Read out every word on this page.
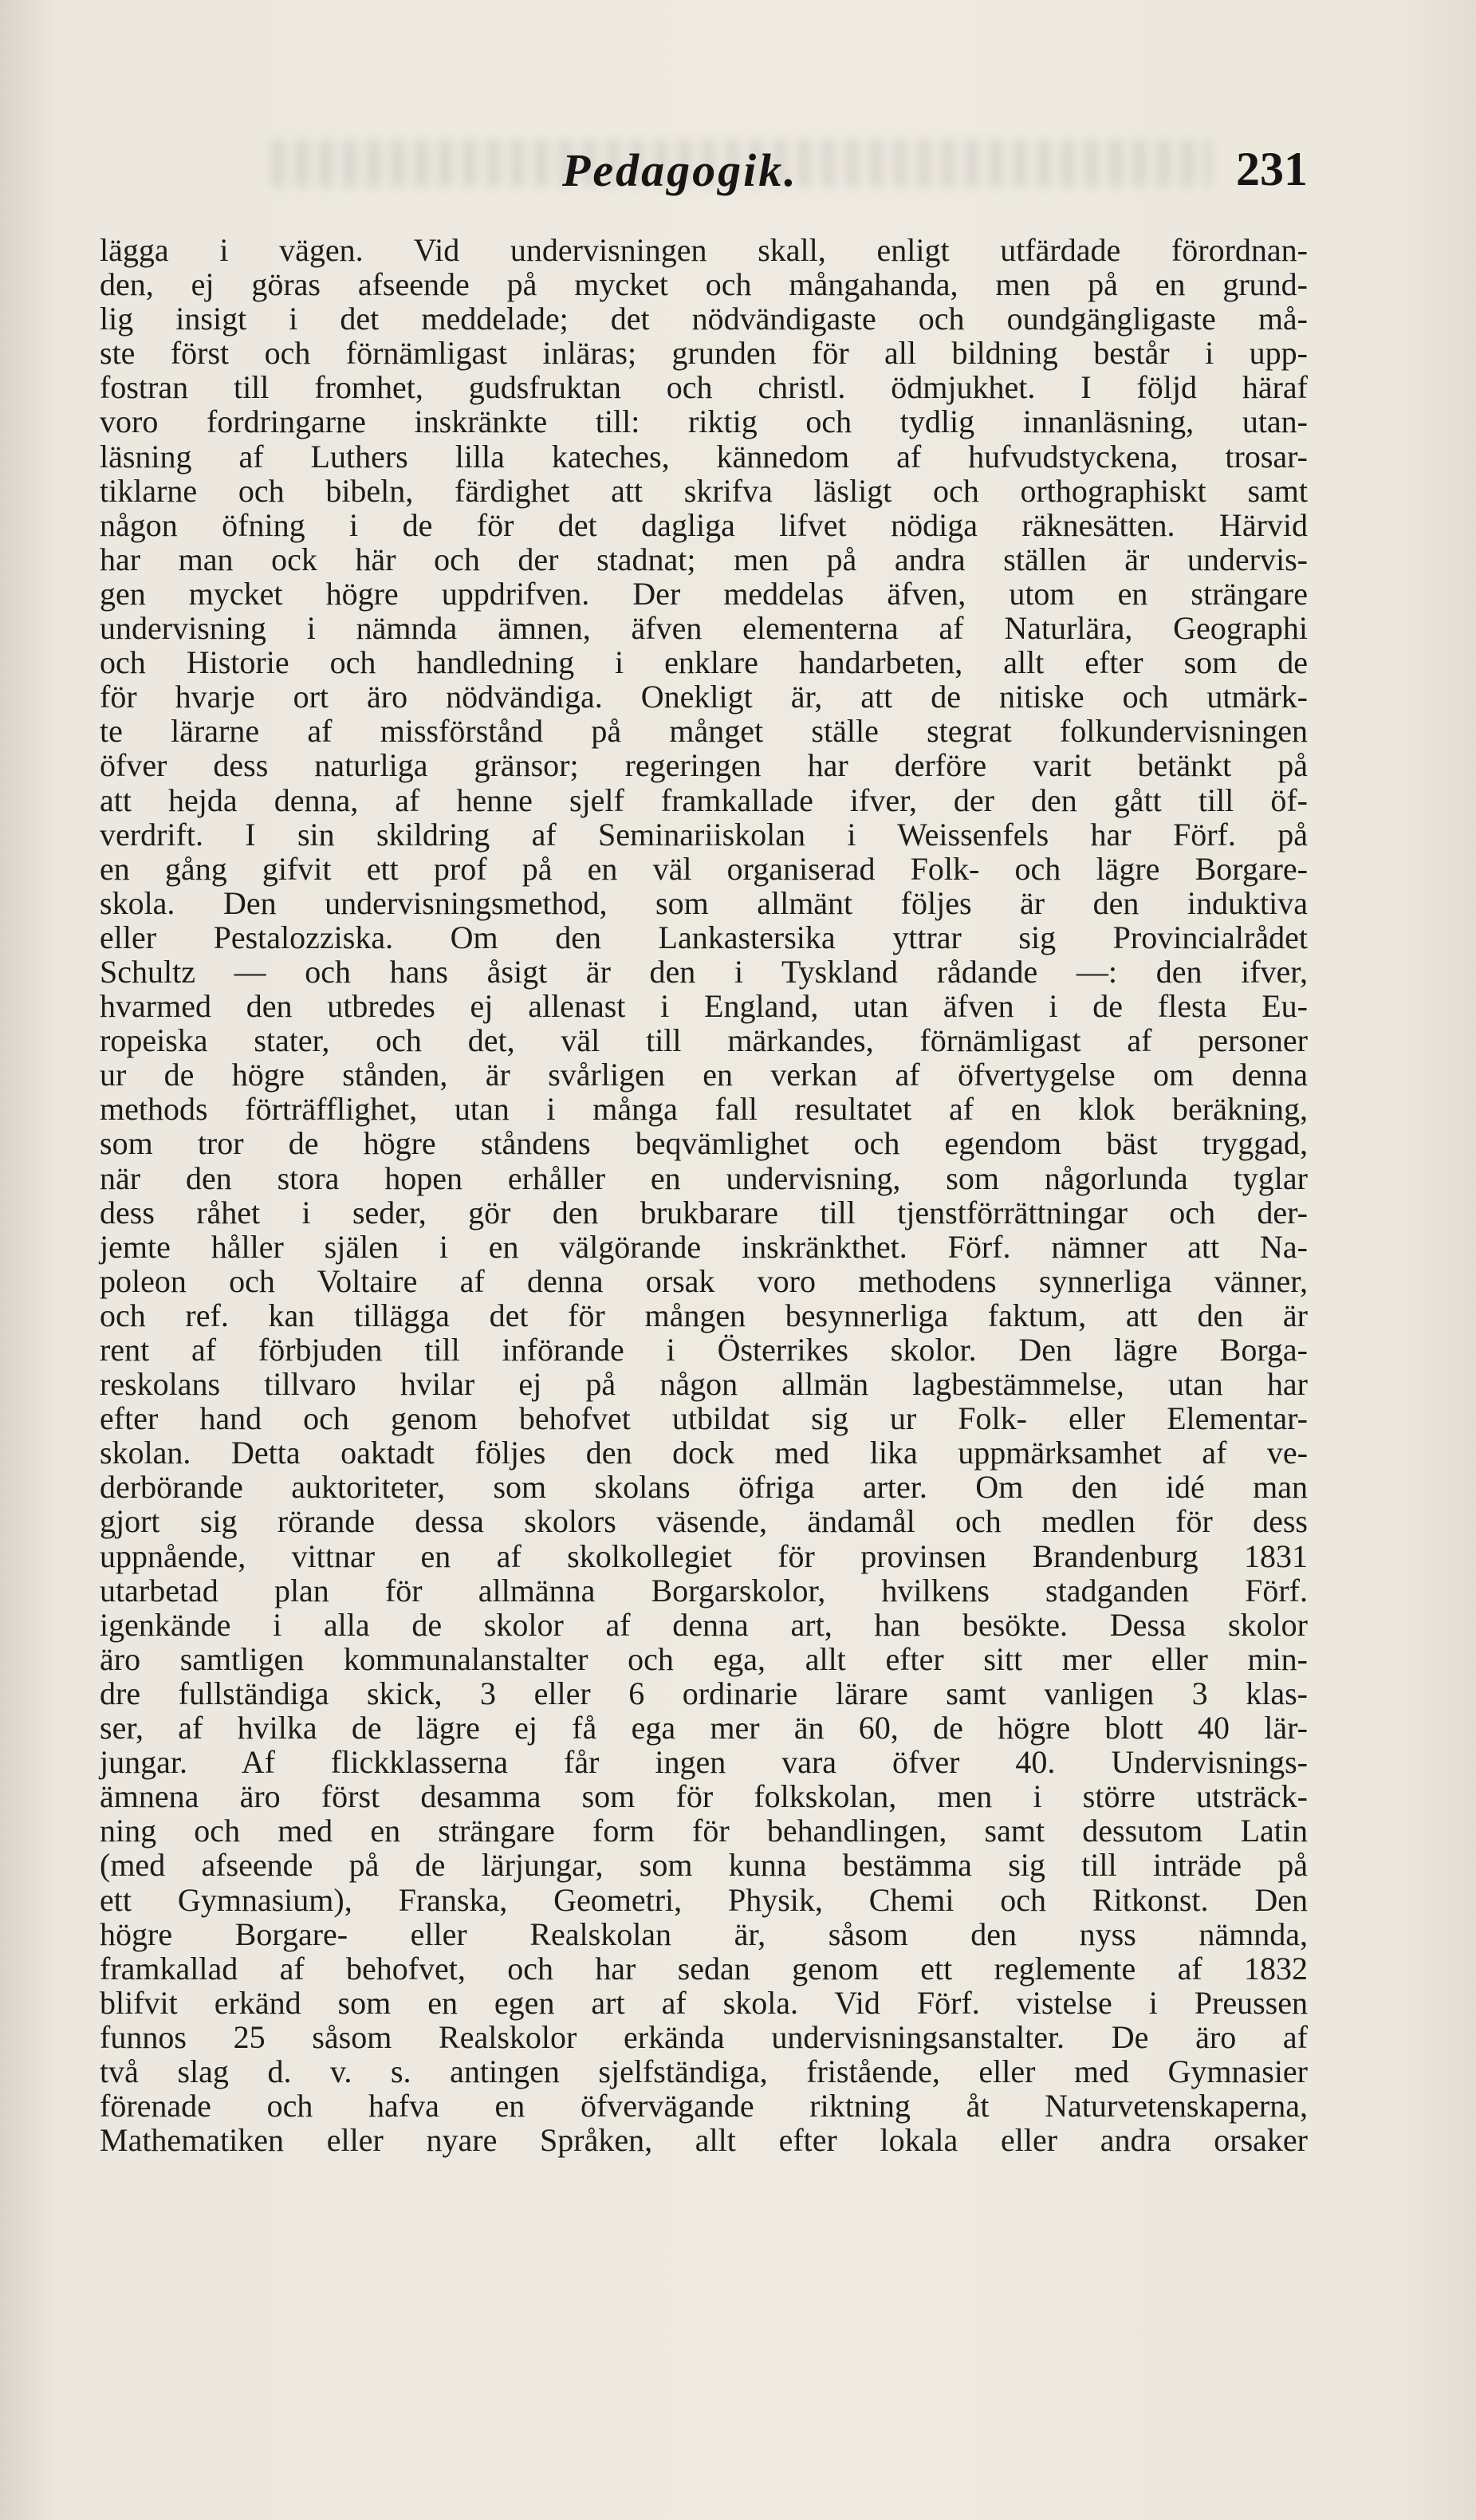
Pedagogik.	231
lägga i vägen. Vid undervisningen skall, enligt utfärdade förordnan-
den, ej göras afseende på mycket och mångahanda, men på en grund-
lig insigt i det meddelade; det nödvändigaste och oundgängligaste må-
ste först och förnämligast inläras; grunden för all bildning består i upp-
fostran till fromhet, gudsfruktan och christl. ödmjukhet. I följd häraf
voro fordringarne inskränkte till: riktig och tydlig innanläsning, utan-
läsning af Luthers lilla kateches, kännedom af hufvudstyckena, trosar-
tiklarne och bibeln, färdighet att skrifva läsligt och orthographiskt samt
någon öfning i de för det dagliga lifvet nödiga räknesätten. Härvid
har man ock här och der stadnat; men på andra ställen är undervis-
gen mycket högre uppdrifven. Der meddelas äfven, utom en strängare
undervisning i nämnda ämnen, äfven elementerna af Naturlära, Geographi
och Historie och handledning i enklare handarbeten, allt efter som de
för hvarje ort äro nödvändiga. Onekligt är, att de nitiske och utmärk-
te lärarne af missförstånd på månget ställe stegrat folkundervisningen
öfver dess naturliga gränsor; regeringen har derföre varit betänkt på
att hejda denna, af henne sjelf framkallade ifver, der den gått till öf-
verdrift. I sin skildring af Seminariiskolan i Weissenfels har Förf. på
en gång gifvit ett prof på en väl organiserad Folk- och lägre Borgare-
skola. Den undervisningsmethod, som allmänt följes är den induktiva
eller Pestalozziska. Om den Lankastersika yttrar sig Provincialrådet
Schultz — och hans åsigt är den i Tyskland rådande —: den ifver,
hvarmed den utbredes ej allenast i England, utan äfven i de flesta Eu-
ropeiska stater, och det, väl till märkandes, förnämligast af personer
ur de högre stånden, är svårligen en verkan af öfvertygelse om denna
methods förträfflighet, utan i många fall resultatet af en klok beräkning,
som tror de högre ståndens beqvämlighet och egendom bäst tryggad,
när den stora hopen erhåller en undervisning, som någorlunda tyglar
dess råhet i seder, gör den brukbarare till tjenstförrättningar och der-
jemte håller själen i en välgörande inskränkthet. Förf. nämner att Na-
poleon och Voltaire af denna orsak voro methodens synnerliga vänner,
och ref. kan tillägga det för mången besynnerliga faktum, att den är
rent af förbjuden till införande i Österrikes skolor. Den lägre Borga-
reskolans tillvaro hvilar ej på någon allmän lagbestämmelse, utan har
efter hand och genom behofvet utbildat sig ur Folk- eller Elementar-
skolan. Detta oaktadt följes den dock med lika uppmärksamhet af ve-
derbörande auktoriteter, som skolans öfriga arter. Om den idé man
gjort sig rörande dessa skolors väsende, ändamål och medlen för dess
uppnående, vittnar en af skolkollegiet för provinsen Brandenburg 1831
utarbetad plan för allmänna Borgarskolor, hvilkens stadganden Förf.
igenkände i alla de skolor af denna art, han besökte. Dessa skolor
äro samtligen kommunalanstalter och ega, allt efter sitt mer eller min-
dre fullständiga skick, 3 eller 6 ordinarie lärare samt vanligen 3 klas-
ser, af hvilka de lägre ej få ega mer än 60, de högre blott 40 lär-
jungar. Af flickklasserna får ingen vara öfver 40. Undervisnings-
ämnena äro först desamma som för folkskolan, men i större utsträck-
ning och med en strängare form för behandlingen, samt dessutom Latin
(med afseende på de lärjungar, som kunna bestämma sig till inträde på
ett Gymnasium), Franska, Geometri, Physik, Chemi och Ritkonst. Den
högre Borgare- eller Realskolan är, såsom den nyss nämnda,
framkallad af behofvet, och har sedan genom ett reglemente af 1832
blifvit erkänd som en egen art af skola. Vid Förf. vistelse i Preussen
funnos 25 såsom Realskolor erkända undervisningsanstalter. De äro af
två slag d. v. s. antingen sjelfständiga, fristående, eller med Gymnasier
förenade och hafva en öfvervägande riktning åt Naturvetenskaperna,
Mathematiken eller nyare Språken, allt efter lokala eller andra orsaker
